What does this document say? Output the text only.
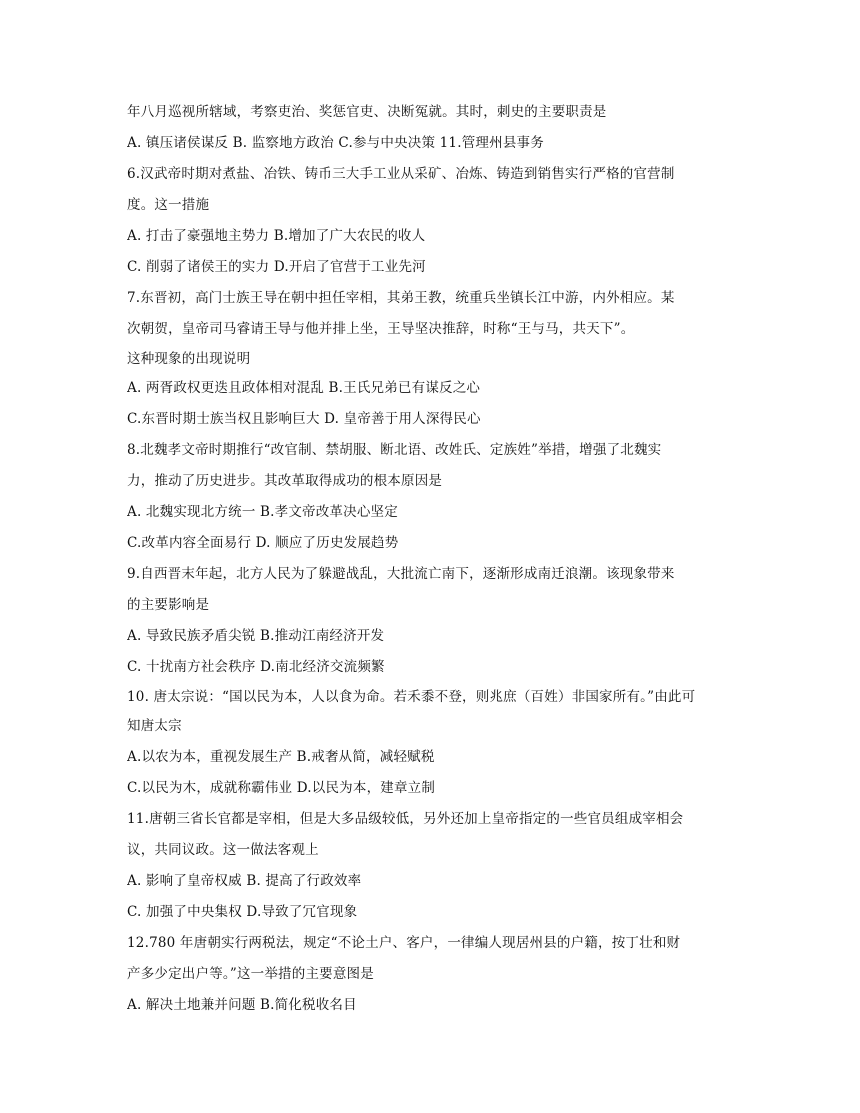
年八月巡视所辖域，考察吏治、奖惩官吏、决断冤就。其时，刺史的主要职责是
A. 镇压诸侯谋反 B. 监察地方政治 C.参与中央决策 11.管理州县事务
6.汉武帝时期对煮盐、冶铁、铸币三大手工业从采矿、冶炼、铸造到销售实行严格的官营制
度。这一措施
A. 打击了豪强地主势力 B.增加了广大农民的收人
C. 削弱了诸侯王的实力 D.开启了官营于工业先河
7.东晋初，高门士族王导在朝中担任宰相，其弟王教，统重兵坐镇长江中游，内外相应。某
次朝贺，皇帝司马睿请王导与他并排上坐，王导坚决推辞，时称“王与马，共天下”。
这种现象的出现说明
A. 两胥政权更迭且政体相对混乱 B.王氏兄弟已有谋反之心
C.东晋时期士族当权且影响巨大 D. 皇帝善于用人深得民心
8.北魏孝文帝时期推行“改官制、禁胡服、断北语、改姓氏、定族姓”举措，增强了北魏实
力，推动了历史进步。其改革取得成功的根本原因是
A. 北魏实现北方统一 B.孝文帝改革决心坚定
C.改革内容全面易行 D. 顺应了历史发展趋势
9.自西晋末年起，北方人民为了躲避战乱，大批流亡南下，逐渐形成南迁浪潮。该现象带来
的主要影响是
A. 导致民族矛盾尖锐 B.推动江南经济开发
C. 十扰南方社会秩序 D.南北经济交流频繁
10. 唐太宗说：“国以民为本，人以食为命。若禾黍不登，则兆庶（百姓）非国家所有。”由此可
知唐太宗
A.以农为本，重视发展生产 B.戒奢从简，减轻赋税
C.以民为木，成就称霸伟业 D.以民为本，建章立制
11.唐朝三省长官都是宰相，但是大多品级较低，另外还加上皇帝指定的一些官员组成宰相会
议，共同议政。这一做法客观上
A. 影响了皇帝权威 B. 提高了行政效率
C. 加强了中央集权 D.导致了冗官现象
12.780 年唐朝实行两税法，规定“不论土户、客户，一律编人现居州县的户籍，按丁壮和财
产多少定出户等。”这一举措的主要意图是
A. 解决土地兼并问题 B.简化税收名目
